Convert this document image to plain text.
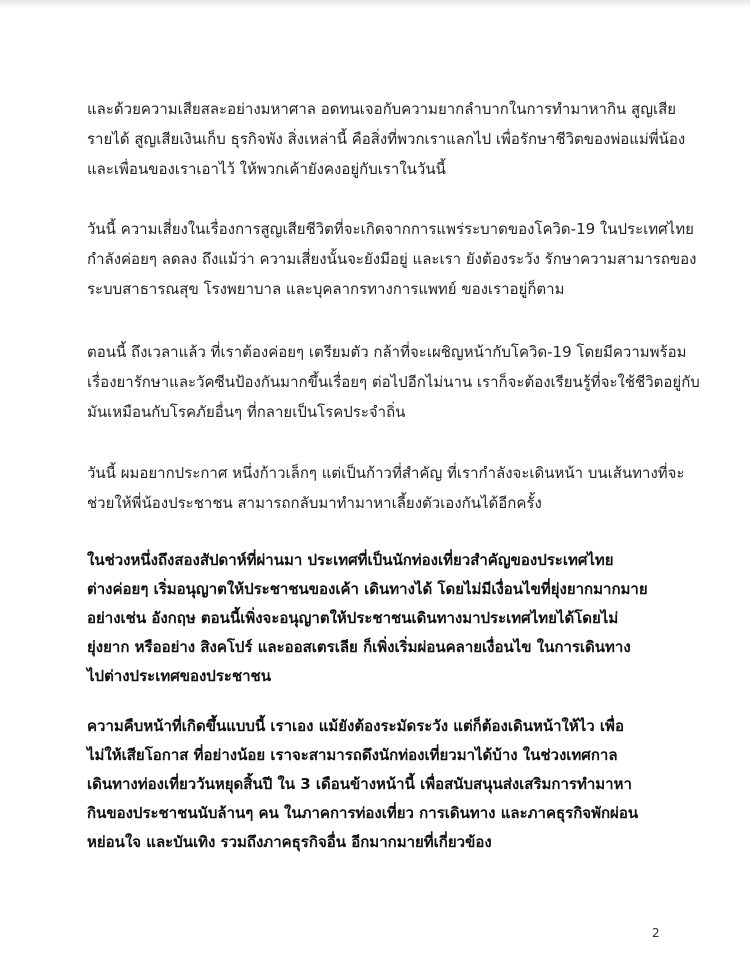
และด้วยความเสียสละอย่างมหาศาล อดทนเจอกับความยากลำบากในการทำมาหากิน สูญเสีย
รายได้ สูญเสียเงินเก็บ ธุรกิจพัง สิ่งเหล่านี้ คือสิ่งที่พวกเราแลกไป เพื่อรักษาชีวิตของพ่อแม่พี่น้อง
และเพื่อนของเราเอาไว้ ให้พวกเค้ายังคงอยู่กับเราในวันนี้

วันนี้ ความเสี่ยงในเรื่องการสูญเสียชีวิตที่จะเกิดจากการแพร่ระบาดของโควิด-19 ในประเทศไทย
กำลังค่อยๆ ลดลง ถึงแม้ว่า ความเสี่ยงนั้นจะยังมีอยู่ และเรา ยังต้องระวัง รักษาความสามารถของ
ระบบสาธารณสุข โรงพยาบาล และบุคลากรทางการแพทย์ ของเราอยู่ก็ตาม

ตอนนี้ ถึงเวลาแล้ว ที่เราต้องค่อยๆ เตรียมตัว กล้าที่จะเผชิญหน้ากับโควิด-19 โดยมีความพร้อม
เรื่องยารักษาและวัคซีนป้องกันมากขึ้นเรื่อยๆ ต่อไปอีกไม่นาน เราก็จะต้องเรียนรู้ที่จะใช้ชีวิตอยู่กับ
มันเหมือนกับโรคภัยอื่นๆ ที่กลายเป็นโรคประจำถิ่น

วันนี้ ผมอยากประกาศ หนึ่งก้าวเล็กๆ แต่เป็นก้าวที่สำคัญ ที่เรากำลังจะเดินหน้า บนเส้นทางที่จะ
ช่วยให้พี่น้องประชาชน สามารถกลับมาทำมาหาเลี้ยงตัวเองกันได้อีกครั้ง

ในช่วงหนึ่งถึงสองสัปดาห์ที่ผ่านมา ประเทศที่เป็นนักท่องเที่ยวสำคัญของประเทศไทย
ต่างค่อยๆ เริ่มอนุญาตให้ประชาชนของเค้า เดินทางได้ โดยไม่มีเงื่อนไขที่ยุ่งยากมากมาย
อย่างเช่น อังกฤษ ตอนนี้เพิ่งจะอนุญาตให้ประชาชนเดินทางมาประเทศไทยได้โดยไม่
ยุ่งยาก หรืออย่าง สิงคโปร์ และออสเตรเลีย ก็เพิ่งเริ่มผ่อนคลายเงื่อนไข ในการเดินทาง
ไปต่างประเทศของประชาชน

ความคืบหน้าที่เกิดขึ้นแบบนี้ เราเอง แม้ยังต้องระมัดระวัง แต่ก็ต้องเดินหน้าให้ไว เพื่อ
ไม่ให้เสียโอกาส ที่อย่างน้อย เราจะสามารถดึงนักท่องเที่ยวมาได้บ้าง ในช่วงเทศกาล
เดินทางท่องเที่ยววันหยุดสิ้นปี ใน 3 เดือนข้างหน้านี้ เพื่อสนับสนุนส่งเสริมการทำมาหา
กินของประชาชนนับล้านๆ คน ในภาคการท่องเที่ยว การเดินทาง และภาคธุรกิจพักผ่อน
หย่อนใจ และบันเทิง รวมถึงภาคธุรกิจอื่น อีกมากมายที่เกี่ยวข้อง

2
